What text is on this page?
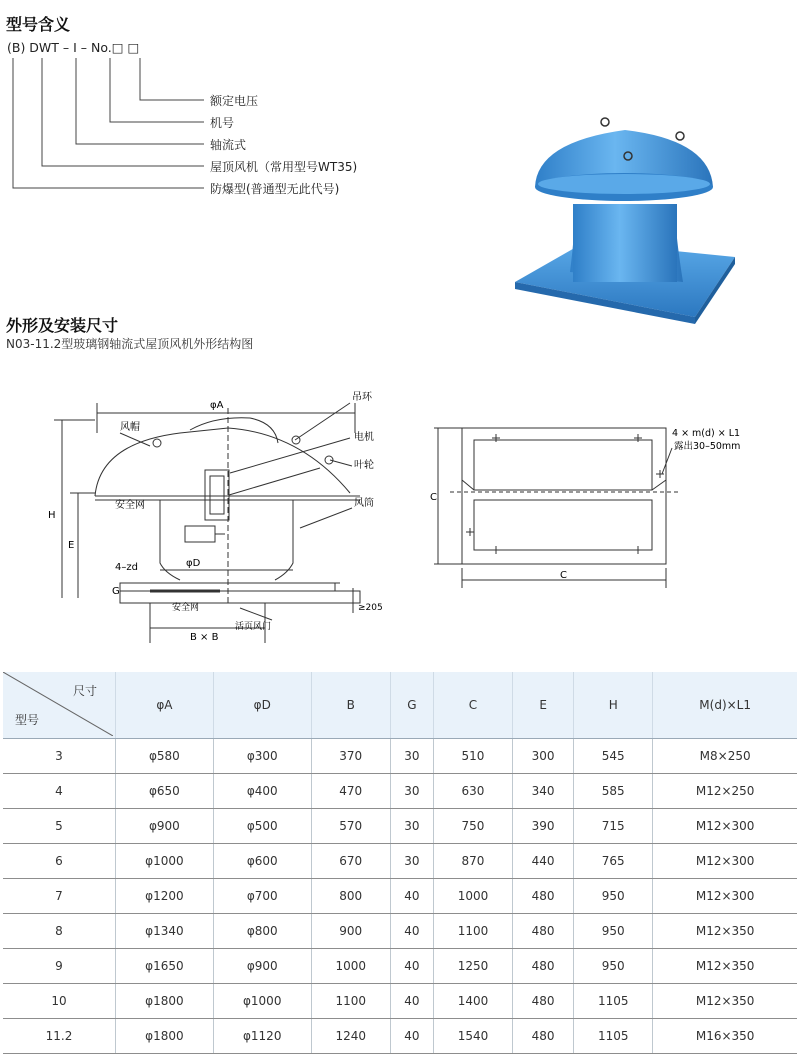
型号含义
(B) DWT – Ⅰ – No.□ □
额定电压
机号
轴流式
屋顶风机（常用型号WT35)
防爆型(普通型无此代号)
外形及安装尺寸
N03-11.2型玻璃钢轴流式屋顶风机外形结构图
φA
吊环
风帽
电机
叶轮
安全网	风筒
φD
H
E
4–zd
G
安全网
活页风门
≥205
B × B
4 × m(d) × L1
露出30–50mm
C
C
尺寸
型号	φA	φD	B	G	C	E	H	M(d)×L1
3	φ580	φ300	370	30	510	300	545	M8×250
4	φ650	φ400	470	30	630	340	585	M12×250
5	φ900	φ500	570	30	750	390	715	M12×300
6	φ1000	φ600	670	30	870	440	765	M12×300
7	φ1200	φ700	800	40	1000	480	950	M12×300
8	φ1340	φ800	900	40	1100	480	950	M12×350
9	φ1650	φ900	1000	40	1250	480	950	M12×350
10	φ1800	φ1000	1100	40	1400	480	1105	M12×350
11.2	φ1800	φ1120	1240	40	1540	480	1105	M16×350
